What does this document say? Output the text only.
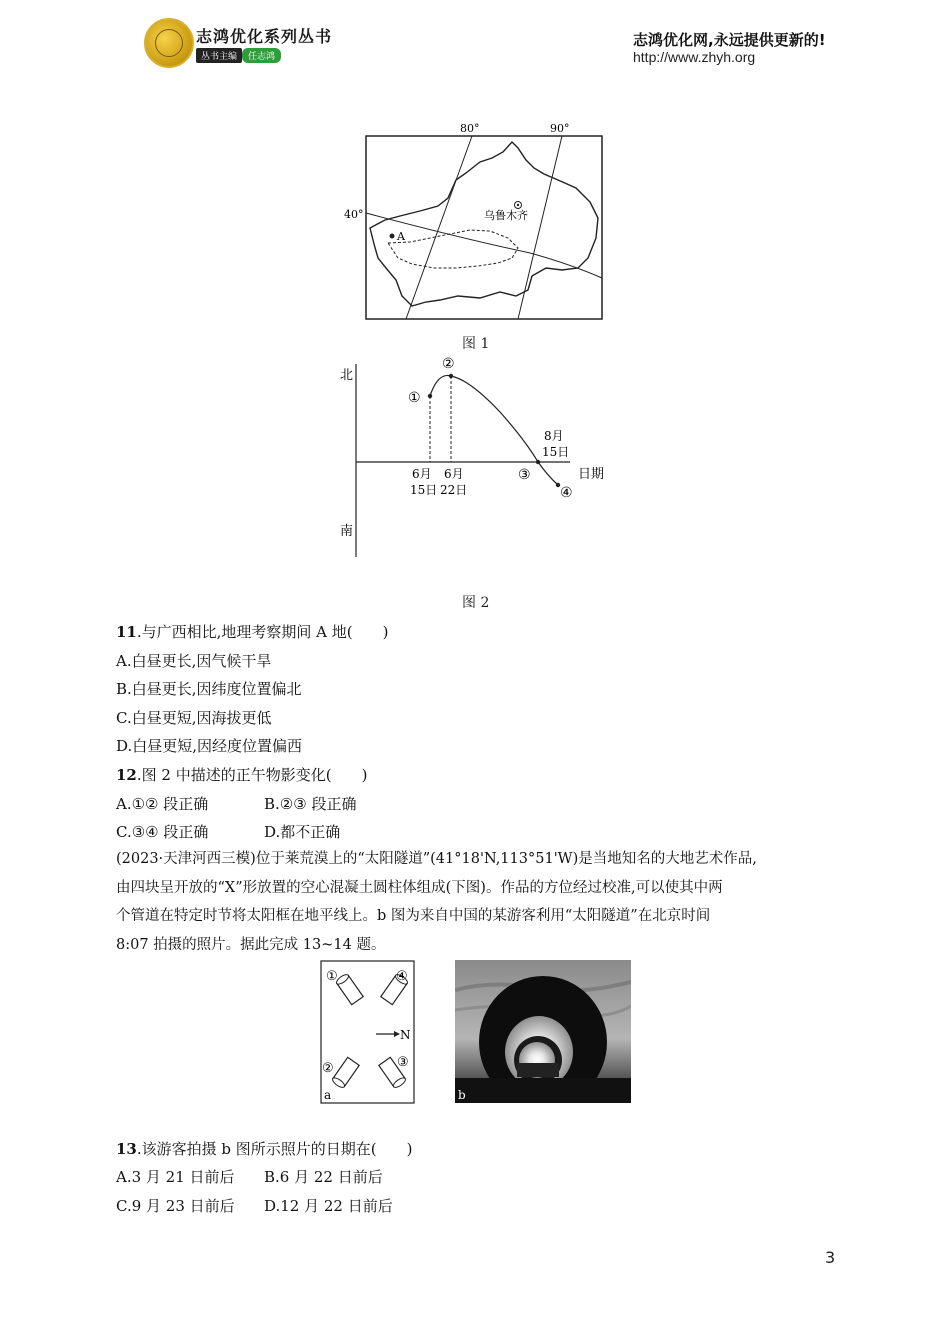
志鸿优化系列丛书
丛书主编	任志鸿
志鸿优化网,永远提供更新的!
http://www.zhyh.org
80°	90°
40°	乌鲁木齐
A
图 1
北
南
日期
①
②
③
④
6月
15日
6月
22日
8月
15日
图 2
11.与广西相比,地理考察期间 A 地(　　)
A.白昼更长,因气候干旱
B.白昼更长,因纬度位置偏北
C.白昼更短,因海拔更低
D.白昼更短,因经度位置偏西
12.图 2 中描述的正午物影变化(　　)
A.①② 段正确	B.②③ 段正确
C.③④ 段正确	D.都不正确
(2023·天津河西三模)位于莱荒漠上的“太阳隧道”(41°18'N,113°51'W)是当地知名的大地艺术作品,
由四块呈开放的“X”形放置的空心混凝土圆柱体组成(下图)。作品的方位经过校准,可以使其中两
个管道在特定时节将太阳框在地平线上。b 图为来自中国的某游客利用“太阳隧道”在北京时间
8:07 拍摄的照片。据此完成 13~14 题。
①	④
②	③
N
a	b
13.该游客拍摄 b 图所示照片的日期在(　　)
A.3 月 21 日前后 B.6 月 22 日前后
C.9 月 23 日前后 D.12 月 22 日前后
3
